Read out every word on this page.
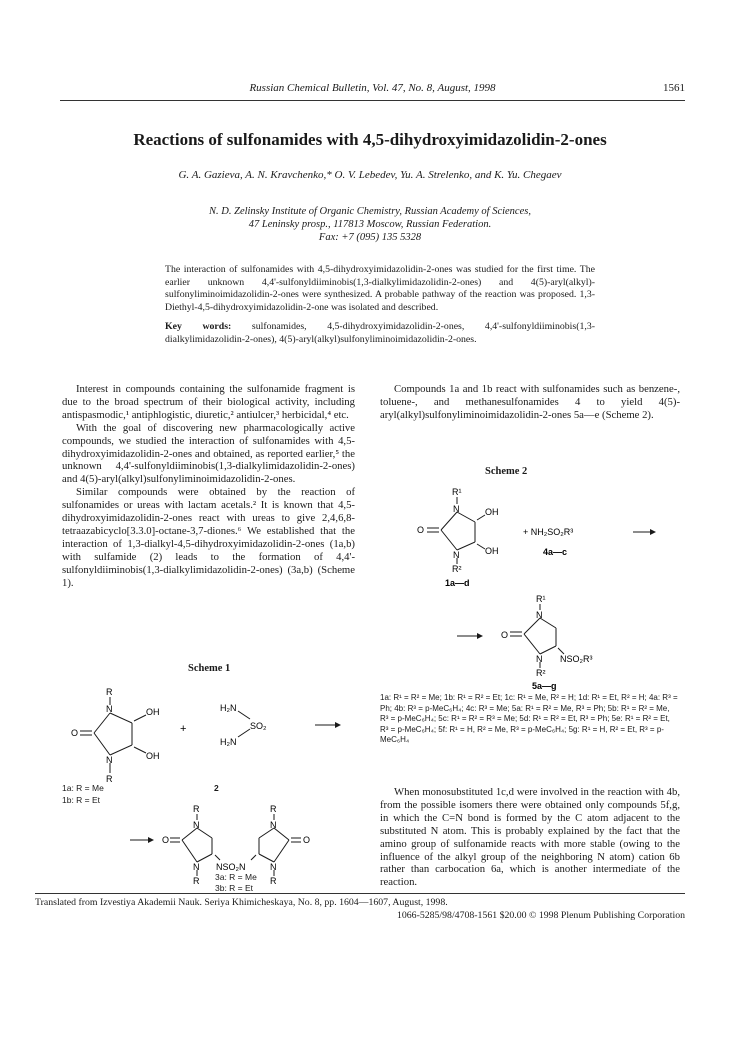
Russian Chemical Bulletin, Vol. 47, No. 8, August, 1998	1561
Reactions of sulfonamides with 4,5-dihydroxyimidazolidin-2-ones
G. A. Gazieva, A. N. Kravchenko,* O. V. Lebedev, Yu. A. Strelenko, and K. Yu. Chegaev
N. D. Zelinsky Institute of Organic Chemistry, Russian Academy of Sciences,
47 Leninsky prosp., 117813 Moscow, Russian Federation.
Fax: +7 (095) 135 5328

The interaction of sulfonamides with 4,5-dihydroxyimidazolidin-2-ones was studied for the first time. The earlier unknown 4,4'-sulfonyldiiminobis(1,3-dialkylimidazolidin-2-ones) and 4(5)-aryl(alkyl)-sulfonyliminoimidazolidin-2-ones were synthesized. A probable pathway of the reaction was proposed. 1,3-Diethyl-4,5-dihydroxyimidazolidin-2-one was isolated and described.

Key words: sulfonamides, 4,5-dihydroxyimidazolidin-2-ones, 4,4'-sulfonyldiiminobis(1,3-dialkylimidazolidin-2-ones), 4(5)-aryl(alkyl)sulfonyliminoimidazolidin-2-ones.

Interest in compounds containing the sulfonamide fragment is due to the broad spectrum of their biological activity, including antispasmodic,¹ antiphlogistic, diuretic,² antiulcer,³ herbicidal,⁴ etc.

With the goal of discovering new pharmacologically active compounds, we studied the interaction of sulfonamides with 4,5-dihydroxyimidazolidin-2-ones and obtained, as reported earlier,⁵ the unknown 4,4'-sulfonyldiiminobis(1,3-dialkylimidazolidin-2-ones) and 4(5)-aryl(alkyl)sulfonyliminoimidazolidin-2-ones.

Similar compounds were obtained by the reaction of sulfonamides or ureas with lactam acetals.² It is known that 4,5-dihydroxyimidazolidin-2-ones react with ureas to give 2,4,6,8-tetraazabicyclo[3.3.0]-octane-3,7-diones.⁶ We established that the interaction of 1,3-dialkyl-4,5-dihydroxyimidazolidin-2-ones (1a,b) with sulfamide (2) leads to the formation of 4,4'-sulfonyldiiminobis(1,3-dialkylimidazolidin-2-ones) (3a,b) (Scheme 1).

Compounds 1a and 1b react with sulfonamides such as benzene-, toluene-, and methanesulfonamides 4 to yield 4(5)-aryl(alkyl)sulfonyliminoimidazolidin-2-ones 5a—e (Scheme 2).

Scheme 1
R
N
N
R
O
OH
OH
+
H₂N
SO₂
H₂N
1a: R = Me
1b: R = Et
2
R
N
N
R
O
NSO₂N
R
N
N
R
O
3a: R = Me
3b: R = Et
Scheme 2
R¹
N
N
R²
O
OH
OH
+ NH₂SO₂R³
4a—c
1a—d
R¹
N
N
R²
O
NSO₂R³
5a—g
1a: R¹ = R² = Me; 1b: R¹ = R² = Et; 1c: R¹ = Me, R² = H; 1d: R¹ = Et, R² = H; 4a: R³ = Ph; 4b: R³ = p-MeC₆H₄; 4c: R³ = Me; 5a: R¹ = R² = Me, R³ = Ph; 5b: R¹ = R² = Me, R³ = p-MeC₆H₄; 5c: R¹ = R² = R³ = Me; 5d: R¹ = R² = Et, R³ = Ph; 5e: R¹ = R² = Et, R³ = p-MeC₆H₄; 5f: R¹ = H, R² = Me, R³ = p-MeC₆H₄; 5g: R¹ = H, R² = Et, R³ = p-MeC₆H₄

When monosubstituted 1c,d were involved in the reaction with 4b, from the possible isomers there were obtained only compounds 5f,g, in which the C=N bond is formed by the C atom adjacent to the substituted N atom. This is probably explained by the fact that the amino group of sulfonamide reacts with more stable (owing to the influence of the alkyl group of the neighboring N atom) cation 6b rather than carbocation 6a, which is another intermediate of the reaction.

Translated from Izvestiya Akademii Nauk. Seriya Khimicheskaya, No. 8, pp. 1604—1607, August, 1998.
1066-5285/98/4708-1561 $20.00 © 1998 Plenum Publishing Corporation
